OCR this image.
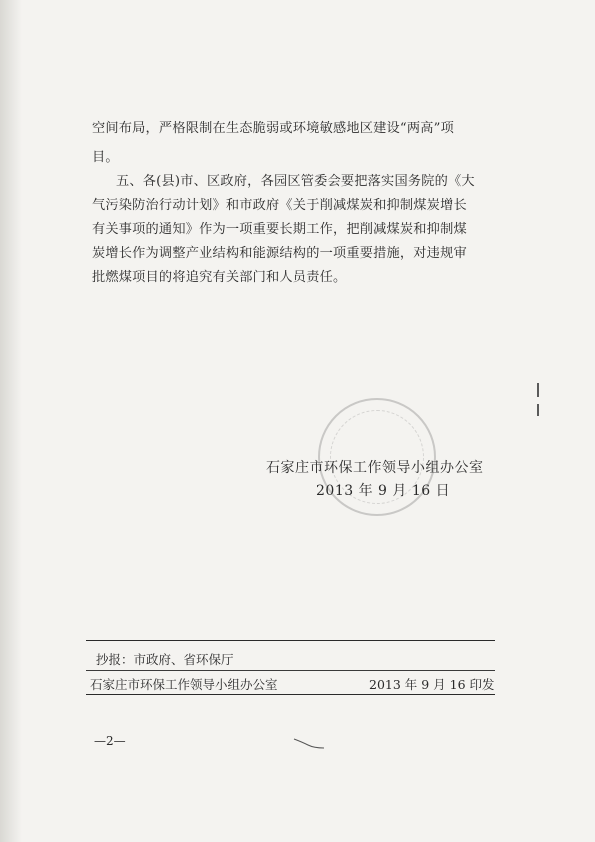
空间布局，严格限制在生态脆弱或环境敏感地区建设“两高”项
目。
五、各(县)市、区政府，各园区管委会要把落实国务院的《大
气污染防治行动计划》和市政府《关于削减煤炭和抑制煤炭增长
有关事项的通知》作为一项重要长期工作，把削减煤炭和抑制煤
炭增长作为调整产业结构和能源结构的一项重要措施，对违规审
批燃煤项目的将追究有关部门和人员责任。
石家庄市环保工作领导小组办公室
2013 年 9 月 16 日
抄报：市政府、省环保厅
石家庄市环保工作领导小组办公室	2013 年 9 月 16 印发
—2—
